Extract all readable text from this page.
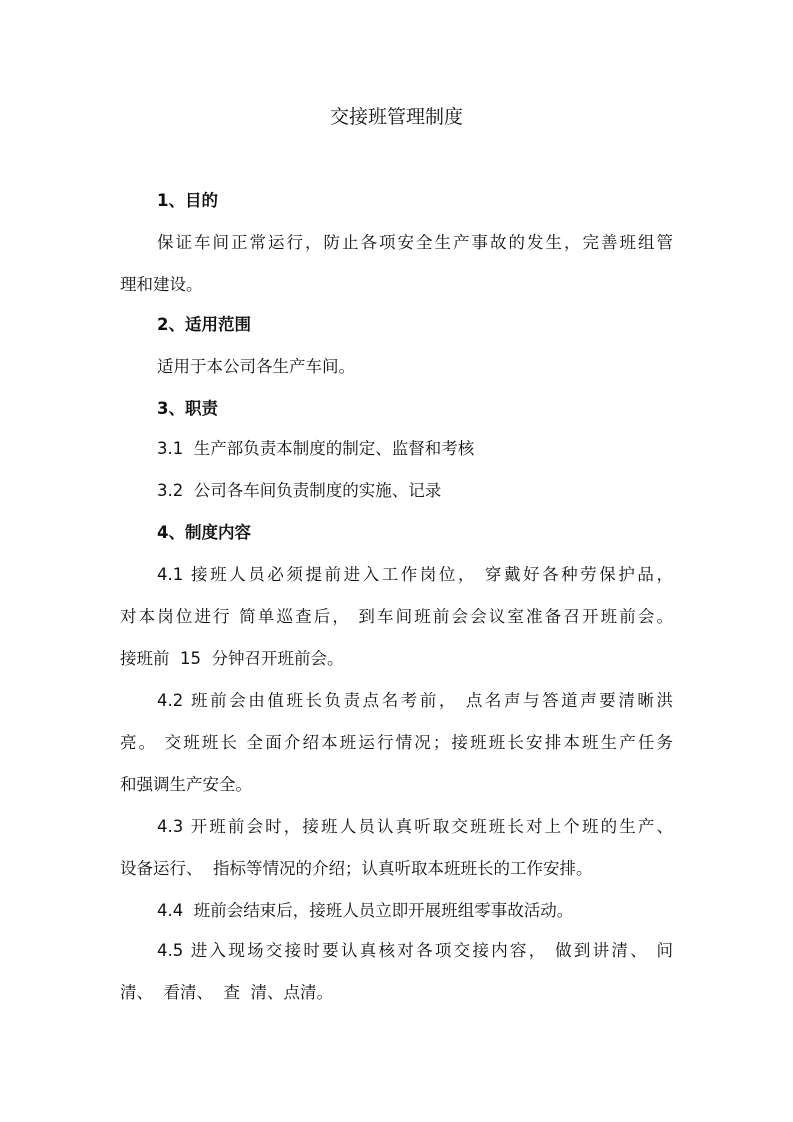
交接班管理制度
1、目的
保证车间正常运行，防止各项安全生产事故的发生，完善班组管
理和建设。
2、适用范围
适用于本公司各生产车间。
3、职责
3.1  生产部负责本制度的制定、监督和考核
3.2  公司各车间负责制度的实施、记录
4、制度内容
4.1 接班人员必须提前进入工作岗位， 穿戴好各种劳保护品，
对本岗位进行 简单巡查后， 到车间班前会会议室准备召开班前会。
接班前  15  分钟召开班前会。
4.2 班前会由值班长负责点名考前， 点名声与答道声要清晰洪
亮。 交班班长 全面介绍本班运行情况；接班班长安排本班生产任务
和强调生产安全。
4.3 开班前会时，接班人员认真听取交班班长对上个班的生产、
设备运行、  指标等情况的介绍；认真听取本班班长的工作安排。
4.4  班前会结束后，接班人员立即开展班组零事故活动。
4.5 进入现场交接时要认真核对各项交接内容， 做到讲清、 问
清、  看清、  查  清、点清。
